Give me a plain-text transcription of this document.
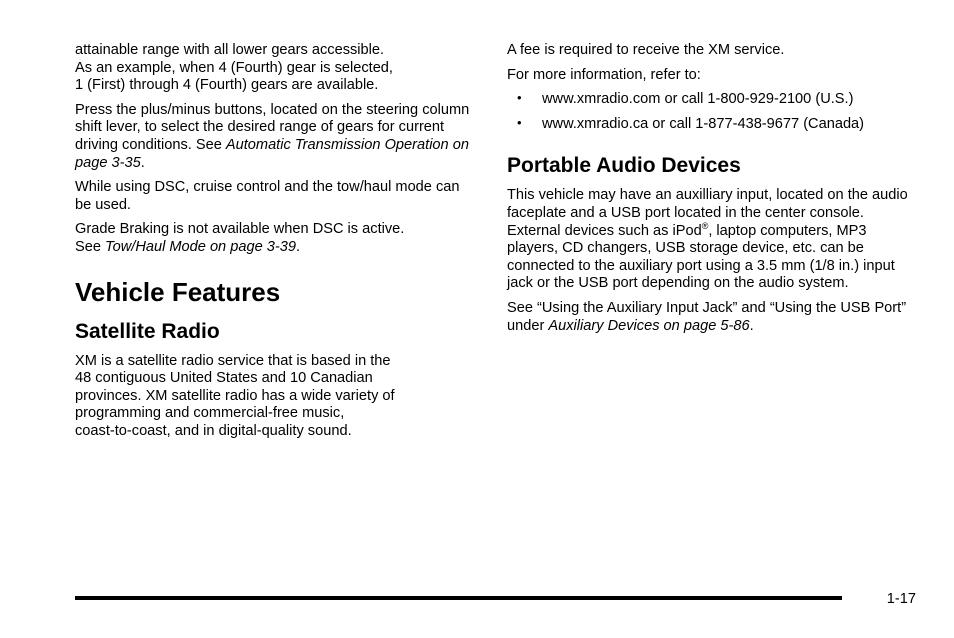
attainable range with all lower gears accessible.
As an example, when 4 (Fourth) gear is selected,
1 (First) through 4 (Fourth) gears are available.

Press the plus/minus buttons, located on the steering column shift lever, to select the desired range of gears for current driving conditions. See Automatic Transmission Operation on page 3-35.

While using DSC, cruise control and the tow/haul mode can be used.

Grade Braking is not available when DSC is active.
See Tow/Haul Mode on page 3-39.

Vehicle Features
Satellite Radio

XM is a satellite radio service that is based in the
48 contiguous United States and 10 Canadian
provinces. XM satellite radio has a wide variety of
programming and commercial-free music,
coast-to-coast, and in digital-quality sound.

A fee is required to receive the XM service.

For more information, refer to:

• www.xmradio.com or call 1-800-929-2100 (U.S.)
• www.xmradio.ca or call 1-877-438-9677 (Canada)
Portable Audio Devices

This vehicle may have an auxilliary input, located on the audio faceplate and a USB port located in the center console. External devices such as iPod®, laptop computers, MP3 players, CD changers, USB storage device, etc. can be connected to the auxiliary port using a 3.5 mm (1/8 in.) input jack or the USB port depending on the audio system.

See “Using the Auxiliary Input Jack” and “Using the USB Port” under Auxiliary Devices on page 5-86.

1-17
